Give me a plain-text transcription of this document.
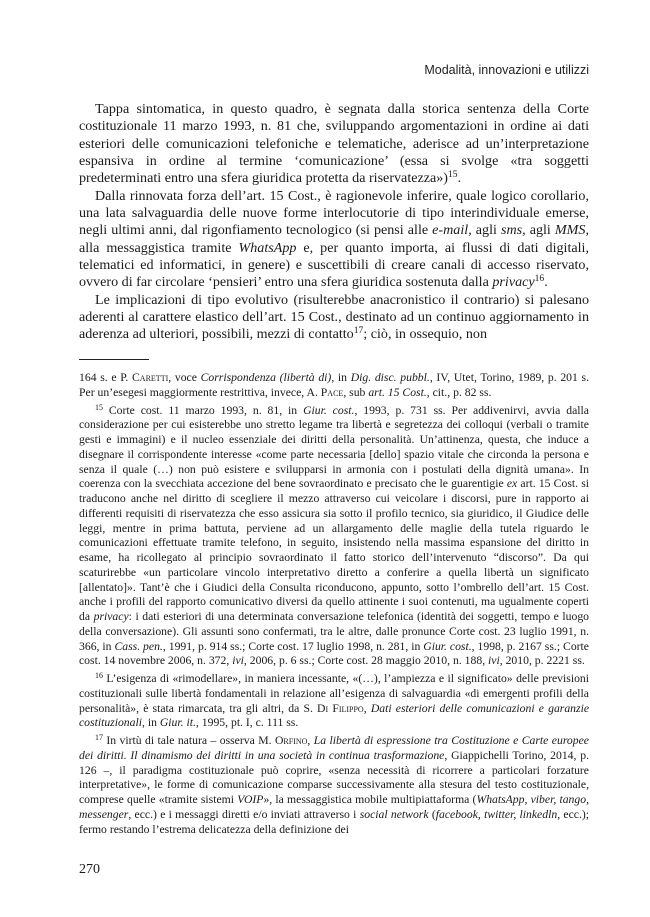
Modalità, innovazioni e utilizzi

Tappa sintomatica, in questo quadro, è segnata dalla storica sentenza della Corte costituzionale 11 marzo 1993, n. 81 che, sviluppando argomentazioni in ordine ai dati esteriori delle comunicazioni telefoniche e telematiche, aderisce ad un’interpretazione espansiva in ordine al termine ‘comunicazione’ (essa si svolge «tra soggetti predeterminati entro una sfera giuridica protetta da riservatezza»)$^{15}$.

Dalla rinnovata forza dell’art. 15 Cost., è ragionevole inferire, quale logico corollario, una lata salvaguardia delle nuove forme interlocutorie di tipo interindividuale emerse, negli ultimi anni, dal rigonfiamento tecnologico (si pensi alle e-mail, agli sms, agli MMS, alla messaggistica tramite WhatsApp e, per quanto importa, ai flussi di dati digitali, telematici ed informatici, in genere) e suscettibili di creare canali di accesso riservato, ovvero di far circolare ‘pensieri’ entro una sfera giuridica sostenuta dalla privacy$^{16}$.

Le implicazioni di tipo evolutivo (risulterebbe anacronistico il contrario) si palesano aderenti al carattere elastico dell’art. 15 Cost., destinato ad un continuo aggiornamento in aderenza ad ulteriori, possibili, mezzi di contatto$^{17}$; ciò, in ossequio, non

164 s. e P. Caretti, voce Corrispondenza (libertà di), in Dig. disc. pubbl., IV, Utet, Torino, 1989, p. 201 s. Per un’esegesi maggiormente restrittiva, invece, A. Pace, sub art. 15 Cost., cit., p. 82 ss.

$^{15}$ Corte cost. 11 marzo 1993, n. 81, in Giur. cost., 1993, p. 731 ss. Per addivenirvi, avvia dalla considerazione per cui esisterebbe uno stretto legame tra libertà e segretezza dei colloqui (verbali o tramite gesti e immagini) e il nucleo essenziale dei diritti della personalità. Un’attinenza, questa, che induce a disegnare il corrispondente interesse «come parte necessaria [dello] spazio vitale che circonda la persona e senza il quale (…) non può esistere e svilupparsi in armonia con i postulati della dignità umana». In coerenza con la svecchiata accezione del bene sovraordinato e precisato che le guarentigie ex art. 15 Cost. si traducono anche nel diritto di scegliere il mezzo attraverso cui veicolare i discorsi, pure in rapporto ai differenti requisiti di riservatezza che esso assicura sia sotto il profilo tecnico, sia giuridico, il Giudice delle leggi, mentre in prima battuta, perviene ad un allargamento delle maglie della tutela riguardo le comunicazioni effettuate tramite telefono, in seguito, insistendo nella massima espansione del diritto in esame, ha ricollegato al principio sovraordinato il fatto storico dell’intervenuto “discorso”. Da qui scaturirebbe «un particolare vincolo interpretativo diretto a conferire a quella libertà un significato [allentato]». Tant’è che i Giudici della Consulta riconducono, appunto, sotto l’ombrello dell’art. 15 Cost. anche i profili del rapporto comunicativo diversi da quello attinente i suoi contenuti, ma ugualmente coperti da privacy: i dati esteriori di una determinata conversazione telefonica (identità dei soggetti, tempo e luogo della conversazione). Gli assunti sono confermati, tra le altre, dalle pronunce Corte cost. 23 luglio 1991, n. 366, in Cass. pen., 1991, p. 914 ss.; Corte cost. 17 luglio 1998, n. 281, in Giur. cost., 1998, p. 2167 ss.; Corte cost. 14 novembre 2006, n. 372, ivi, 2006, p. 6 ss.; Corte cost. 28 maggio 2010, n. 188, ivi, 2010, p. 2221 ss.

$^{16}$ L’esigenza di «rimodellare», in maniera incessante, «(…), l’ampiezza e il significato» delle previsioni costituzionali sulle libertà fondamentali in relazione all’esigenza di salvaguardia «di emergenti profili della personalità», è stata rimarcata, tra gli altri, da S. Di Filippo, Dati esteriori delle comunicazioni e garanzie costituzionali, in Giur. it., 1995, pt. I, c. 111 ss.

$^{17}$ In virtù di tale natura – osserva M. Orfino, La libertà di espressione tra Costituzione e Carte europee dei diritti. Il dinamismo dei diritti in una società in continua trasformazione, Giappichelli Torino, 2014, p. 126 –, il paradigma costituzionale può coprire, «senza necessità di ricorrere a particolari forzature interpretative», le forme di comunicazione comparse successivamente alla stesura del testo costituzionale, comprese quelle «tramite sistemi VOIP», la messaggistica mobile multipiattaforma (WhatsApp, viber, tango, messenger, ecc.) e i messaggi diretti e/o inviati attraverso i social network (facebook, twitter, linkedln, ecc.); fermo restando l’estrema delicatezza della definizione dei

270
